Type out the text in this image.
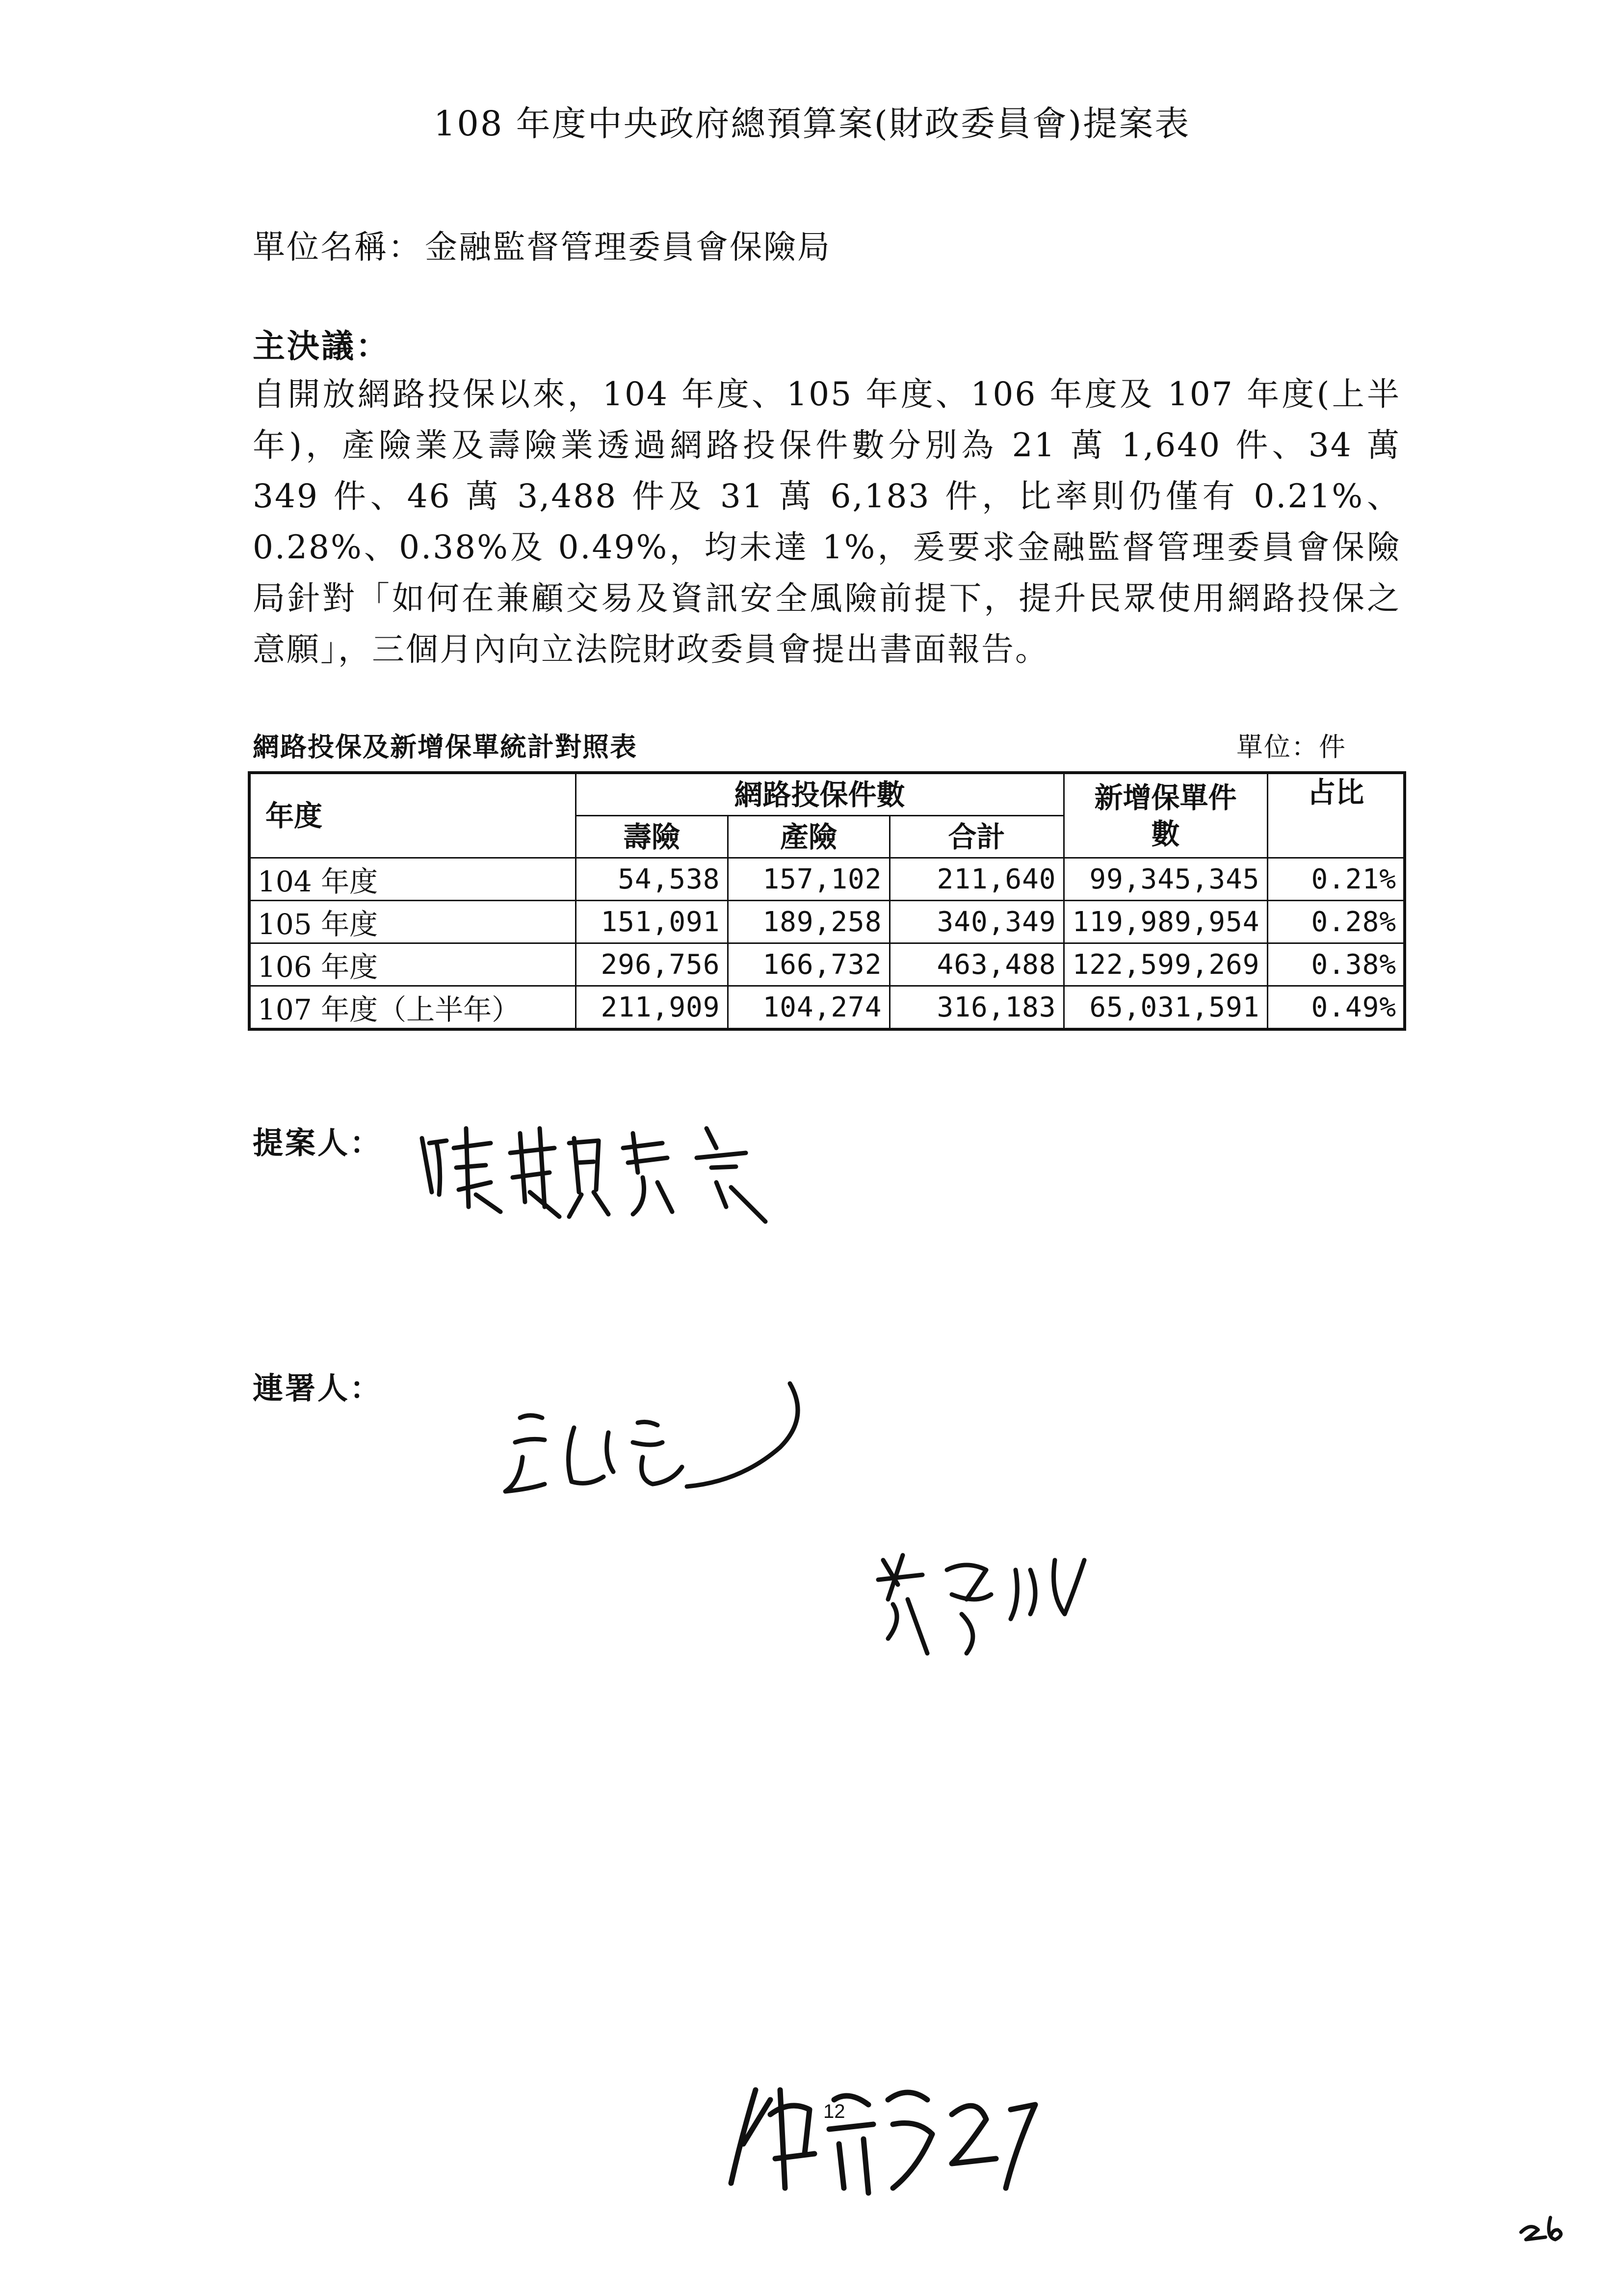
108 年度中央政府總預算案(財政委員會)提案表
單位名稱：金融監督管理委員會保險局
主決議：

自開放網路投保以來，104 年度、105 年度、106 年度及 107 年度(上半年)，產險業及壽險業透過網路投保件數分別為 21 萬 1,640 件、34 萬 349 件、46 萬 3,488 件及 31 萬 6,183 件，比率則仍僅有 0.21%、0.28%、0.38%及 0.49%，均未達 1%，爰要求金融監督管理委員會保險局針對「如何在兼顧交易及資訊安全風險前提下，提升民眾使用網路投保之意願」，三個月內向立法院財政委員會提出書面報告。

網路投保及新增保單統計對照表	單位：件
年度	網路投保件數			新增保單件數	占比
	壽險	產險	合計		
104 年度	54,538	157,102	211,640	99,345,345	0.21%
105 年度	151,091	189,258	340,349	119,989,954	0.28%
106 年度	296,756	166,732	463,488	122,599,269	0.38%
107 年度（上半年）	211,909	104,274	316,183	65,031,591	0.49%
提案人：
連署人：
12
